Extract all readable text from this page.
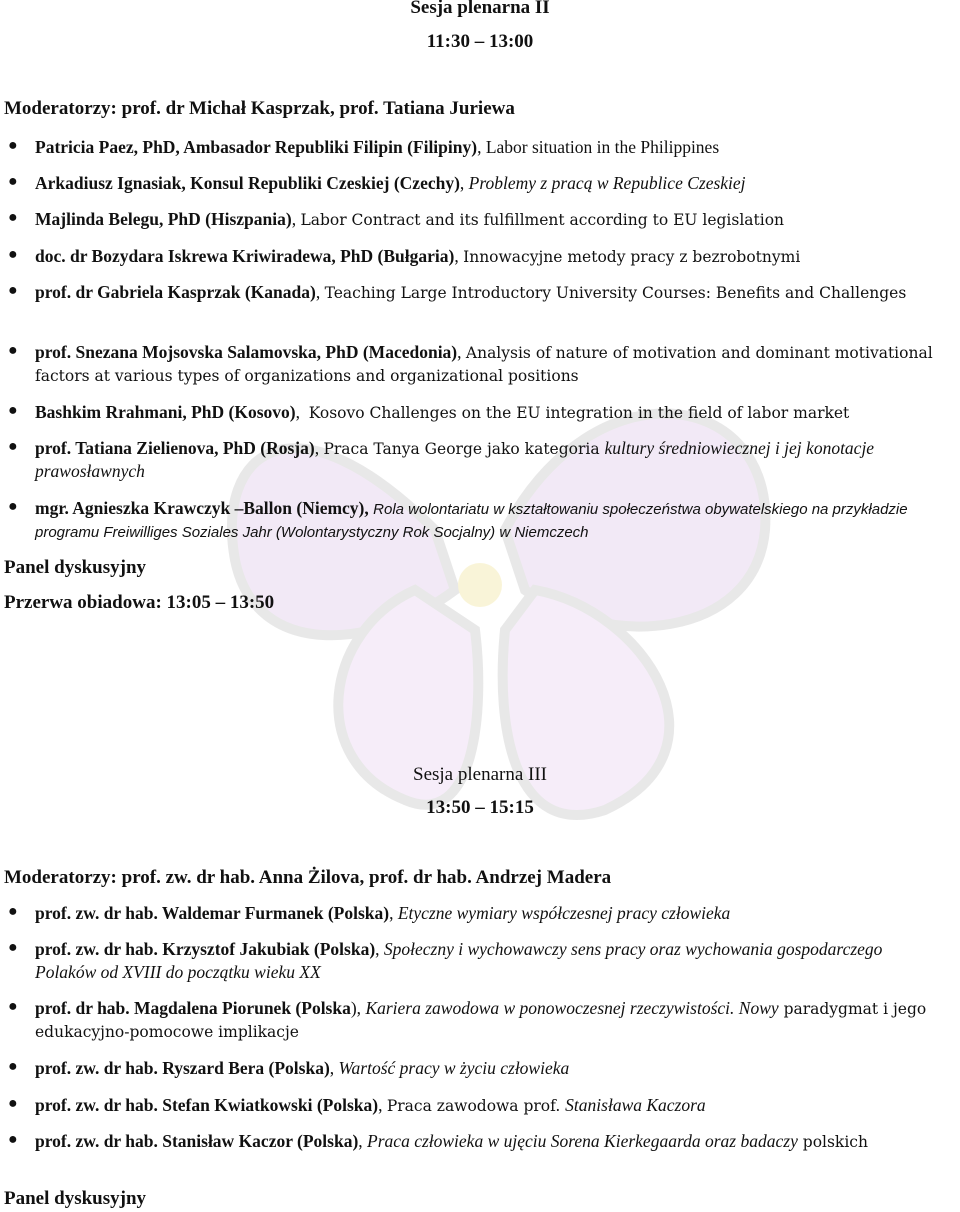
Sesja plenarna II
11:30 – 13:00
Moderatorzy: prof. dr Michał Kasprzak, prof. Tatiana Juriewa
● Patricia Paez, PhD, Ambasador Republiki Filipin (Filipiny), Labor situation in the Philippines
● Arkadiusz Ignasiak, Konsul Republiki Czeskiej (Czechy), Problemy z pracą w Republice Czeskiej
● Majlinda Belegu, PhD (Hiszpania), Labor Contract and its fulfillment according to EU legislation
● doc. dr Bozydara Iskrewa Kriwiradewa, PhD (Bułgaria), Innowacyjne metody pracy z bezrobotnymi
● prof. dr Gabriela Kasprzak (Kanada), Teaching Large Introductory University Courses: Benefits and Challenges
● prof. Snezana Mojsovska Salamovska, PhD (Macedonia), Analysis of nature of motivation and dominant motivational factors at various types of organizations and organizational positions
● Bashkim Rrahmani, PhD (Kosovo),  Kosovo Challenges on the EU integration in the field of labor market
● prof. Tatiana Zielienova, PhD (Rosja), Praca Tanya George jako kategoria kultury średniowiecznej i jej konotacje prawosławnych
● mgr. Agnieszka Krawczyk –Ballon (Niemcy), Rola wolontariatu w kształtowaniu społeczeństwa obywatelskiego na przykładzie programu Freiwilliges Soziales Jahr (Wolontarystyczny Rok Socjalny) w Niemczech
Panel dyskusyjny
Przerwa obiadowa: 13:05 – 13:50
Sesja plenarna III
13:50 – 15:15
Moderatorzy: prof. zw. dr hab. Anna Żilova, prof. dr hab. Andrzej Madera
● prof. zw. dr hab. Waldemar Furmanek (Polska), Etyczne wymiary współczesnej pracy człowieka
● prof. zw. dr hab. Krzysztof Jakubiak (Polska), Społeczny i wychowawczy sens pracy oraz wychowania gospodarczego Polaków od XVIII do początku wieku XX
● prof. dr hab. Magdalena Piorunek (Polska), Kariera zawodowa w ponowoczesnej rzeczywistości. Nowy paradygmat i jego edukacyjno-pomocowe implikacje
● prof. zw. dr hab. Ryszard Bera (Polska), Wartość pracy w życiu człowieka
● prof. zw. dr hab. Stefan Kwiatkowski (Polska), Praca zawodowa prof. Stanisława Kaczora
● prof. zw. dr hab. Stanisław Kaczor (Polska), Praca człowieka w ujęciu Sorena Kierkegaarda oraz badaczy polskich
Panel dyskusyjny
